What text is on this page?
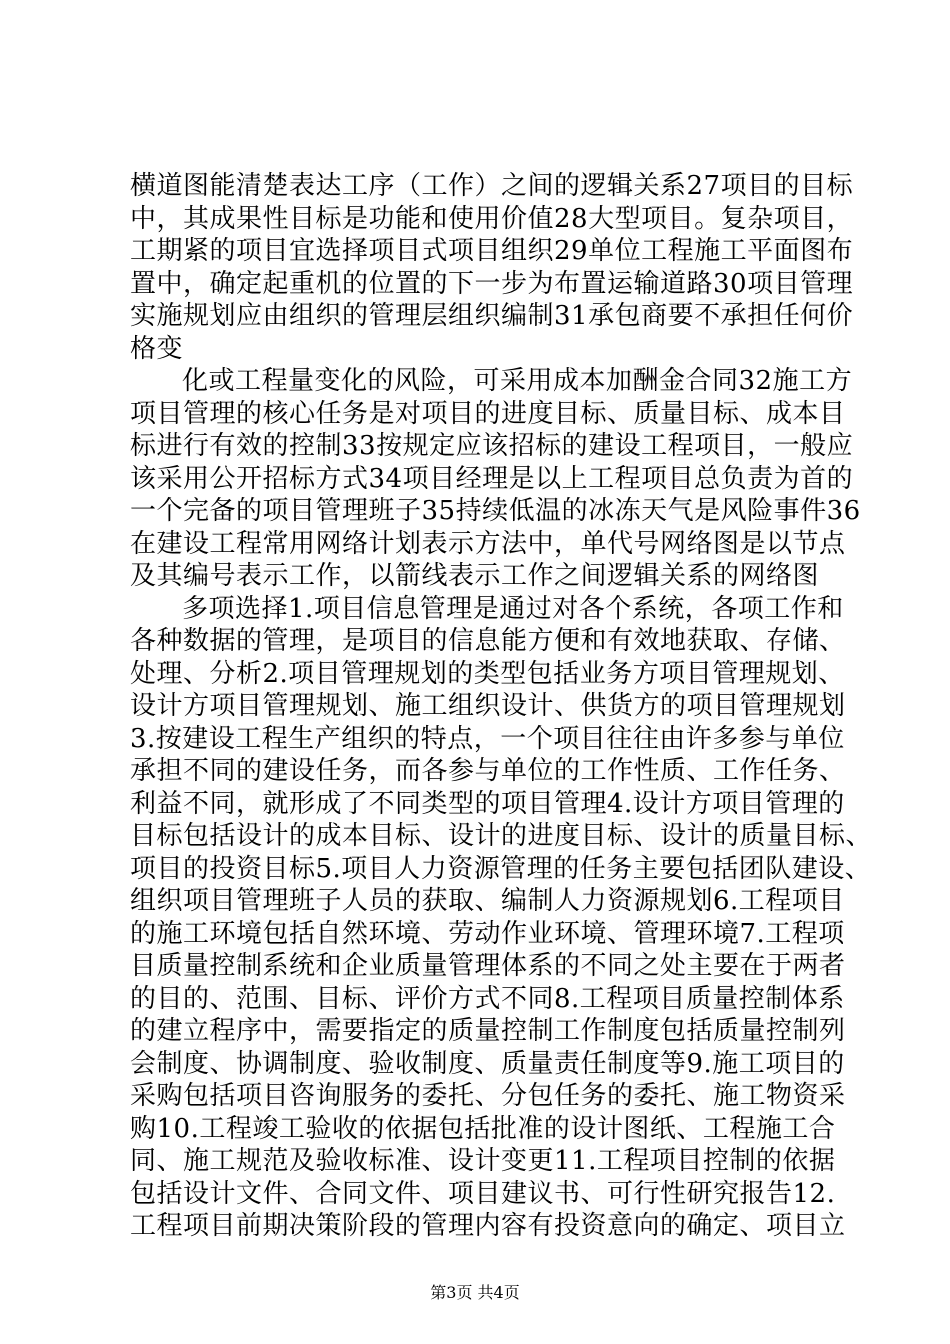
横道图能清楚表达工序（工作）之间的逻辑关系27项目的目标
中，其成果性目标是功能和使用价值28大型项目。复杂项目，
工期紧的项目宜选择项目式项目组织29单位工程施工平面图布
置中，确定起重机的位置的下一步为布置运输道路30项目管理
实施规划应由组织的管理层组织编制31承包商要不承担任何价
格变
化或工程量变化的风险，可采用成本加酬金合同32施工方
项目管理的核心任务是对项目的进度目标、质量目标、成本目
标进行有效的控制33按规定应该招标的建设工程项目，一般应
该采用公开招标方式34项目经理是以上工程项目总负责为首的
一个完备的项目管理班子35持续低温的冰冻天气是风险事件36
在建设工程常用网络计划表示方法中，单代号网络图是以节点
及其编号表示工作，以箭线表示工作之间逻辑关系的网络图
多项选择1.项目信息管理是通过对各个系统，各项工作和
各种数据的管理，是项目的信息能方便和有效地获取、存储、
处理、分析2.项目管理规划的类型包括业务方项目管理规划、
设计方项目管理规划、施工组织设计、供货方的项目管理规划
3.按建设工程生产组织的特点，一个项目往往由许多参与单位
承担不同的建设任务，而各参与单位的工作性质、工作任务、
利益不同，就形成了不同类型的项目管理4.设计方项目管理的
目标包括设计的成本目标、设计的进度目标、设计的质量目标、
项目的投资目标5.项目人力资源管理的任务主要包括团队建设、
组织项目管理班子人员的获取、编制人力资源规划6.工程项目
的施工环境包括自然环境、劳动作业环境、管理环境7.工程项
目质量控制系统和企业质量管理体系的不同之处主要在于两者
的目的、范围、目标、评价方式不同8.工程项目质量控制体系
的建立程序中，需要指定的质量控制工作制度包括质量控制列
会制度、协调制度、验收制度、质量责任制度等9.施工项目的
采购包括项目咨询服务的委托、分包任务的委托、施工物资采
购10.工程竣工验收的依据包括批准的设计图纸、工程施工合
同、施工规范及验收标准、设计变更11.工程项目控制的依据
包括设计文件、合同文件、项目建议书、可行性研究报告12.
工程项目前期决策阶段的管理内容有投资意向的确定、项目立
第3页 共4页
